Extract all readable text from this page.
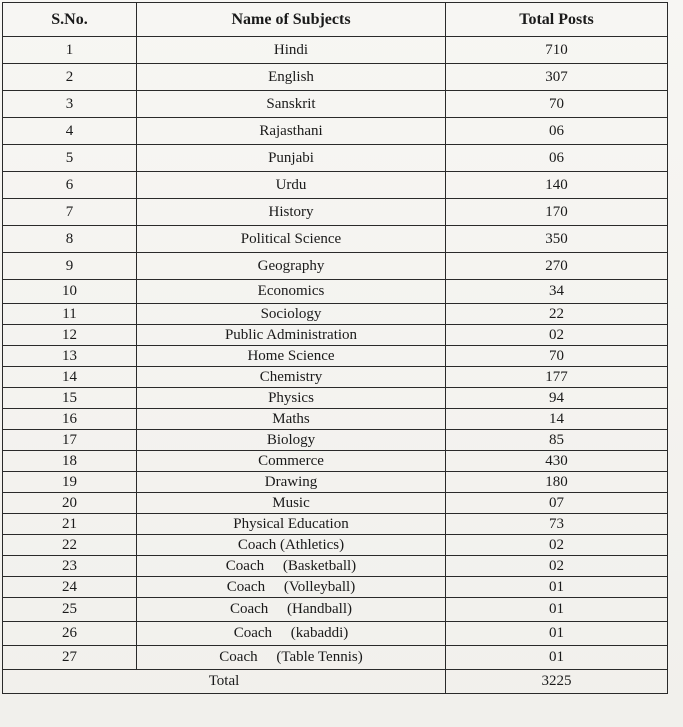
S.No.	Name of Subjects	Total Posts
1	Hindi	710
2	English	307
3	Sanskrit	70
4	Rajasthani	06
5	Punjabi	06
6	Urdu	140
7	History	170
8	Political Science	350
9	Geography	270
10	Economics	34
11	Sociology	22
12	Public Administration	02
13	Home Science	70
14	Chemistry	177
15	Physics	94
16	Maths	14
17	Biology	85
18	Commerce	430
19	Drawing	180
20	Music	07
21	Physical Education	73
22	Coach (Athletics)	02
23	Coach     (Basketball)	02
24	Coach     (Volleyball)	01
25	Coach     (Handball)	01
26	Coach     (kabaddi)	01
27	Coach     (Table Tennis)	01
Total		3225
